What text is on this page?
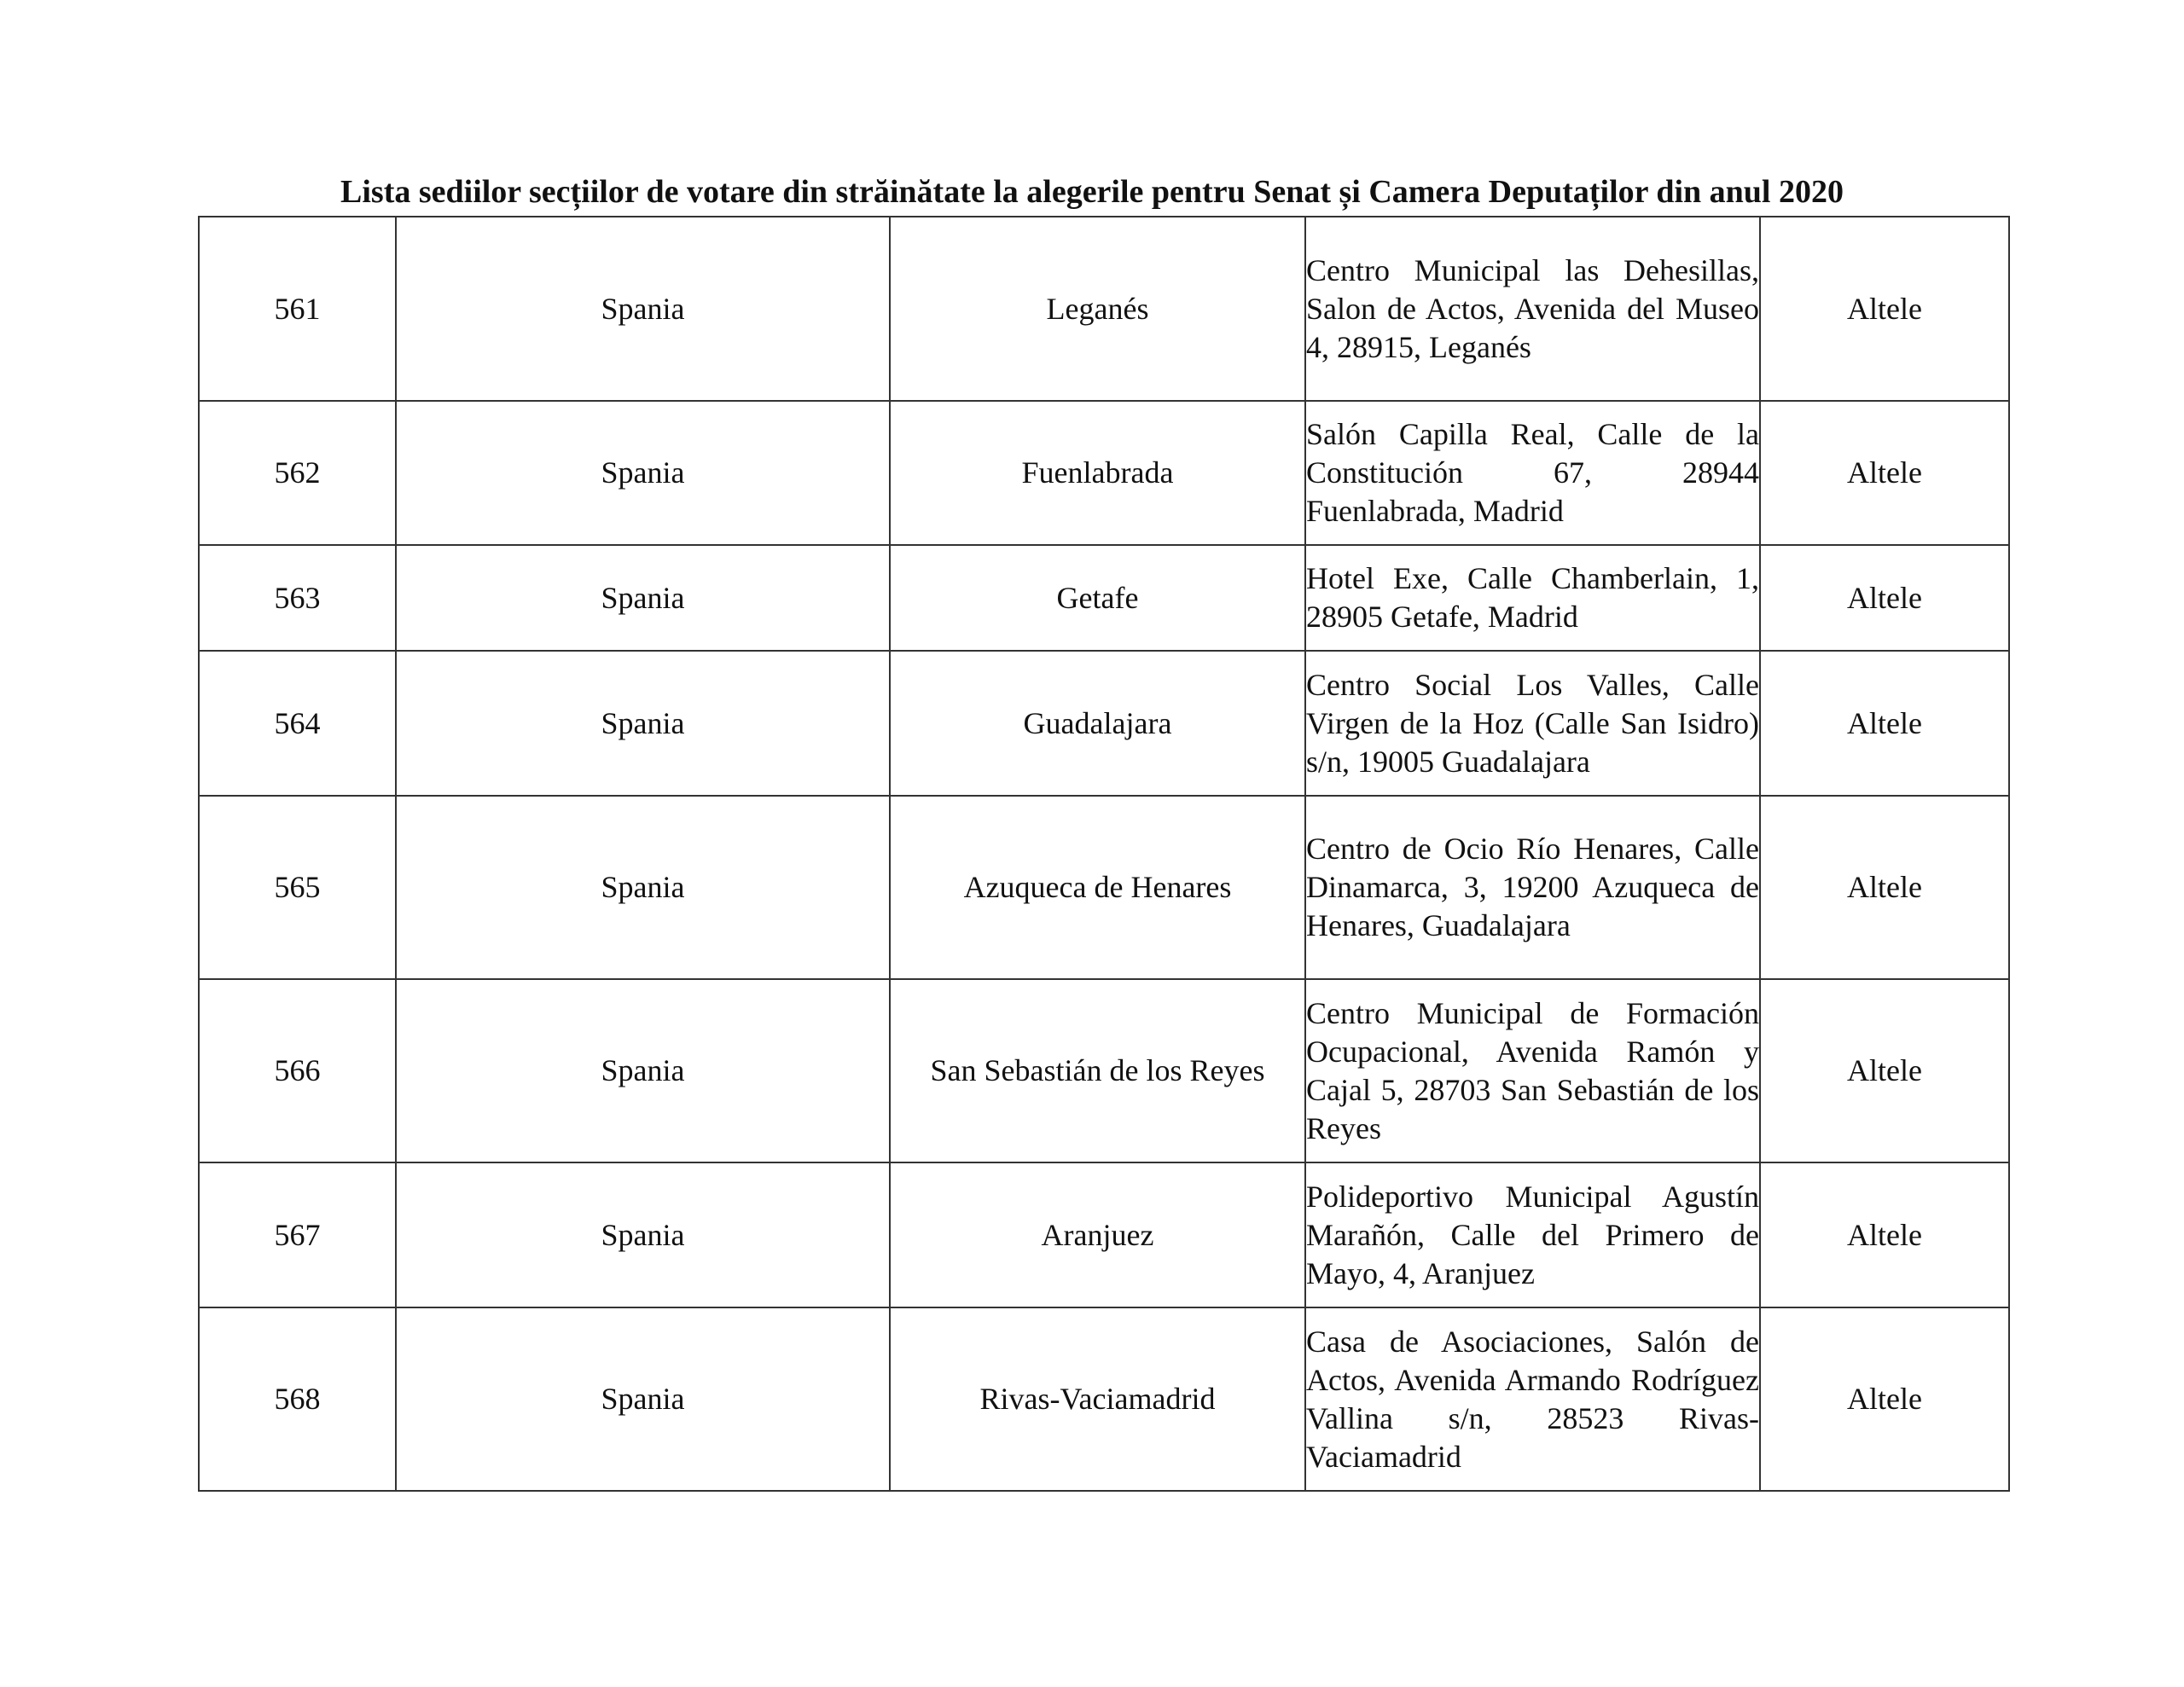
Lista sediilor secțiilor de votare din străinătate la alegerile pentru Senat și Camera Deputaților din anul 2020
561	Spania	Leganés	Centro Municipal las Dehesillas, Salon de Actos, Avenida del Museo 4, 28915, Leganés	Altele
562	Spania	Fuenlabrada	Salón Capilla Real, Calle de la Constitución 67, 28944 Fuenlabrada, Madrid	Altele
563	Spania	Getafe	Hotel Exe, Calle Chamberlain, 1, 28905 Getafe, Madrid	Altele
564	Spania	Guadalajara	Centro Social Los Valles, Calle Virgen de la Hoz (Calle San Isidro) s/n, 19005 Guadalajara	Altele
565	Spania	Azuqueca de Henares	Centro de Ocio Río Henares, Calle Dinamarca, 3, 19200 Azuqueca de Henares, Guadalajara	Altele
566	Spania	San Sebastián de los Reyes	Centro Municipal de Formación Ocupacional, Avenida Ramón y Cajal 5, 28703 San Sebastián de los Reyes	Altele
567	Spania	Aranjuez	Polideportivo Municipal Agustín Marañón, Calle del Primero de Mayo, 4, Aranjuez	Altele
568	Spania	Rivas-Vaciamadrid	Casa de Asociaciones, Salón de Actos, Avenida Armando Rodríguez Vallina s/n, 28523 Rivas-Vaciamadrid	Altele
